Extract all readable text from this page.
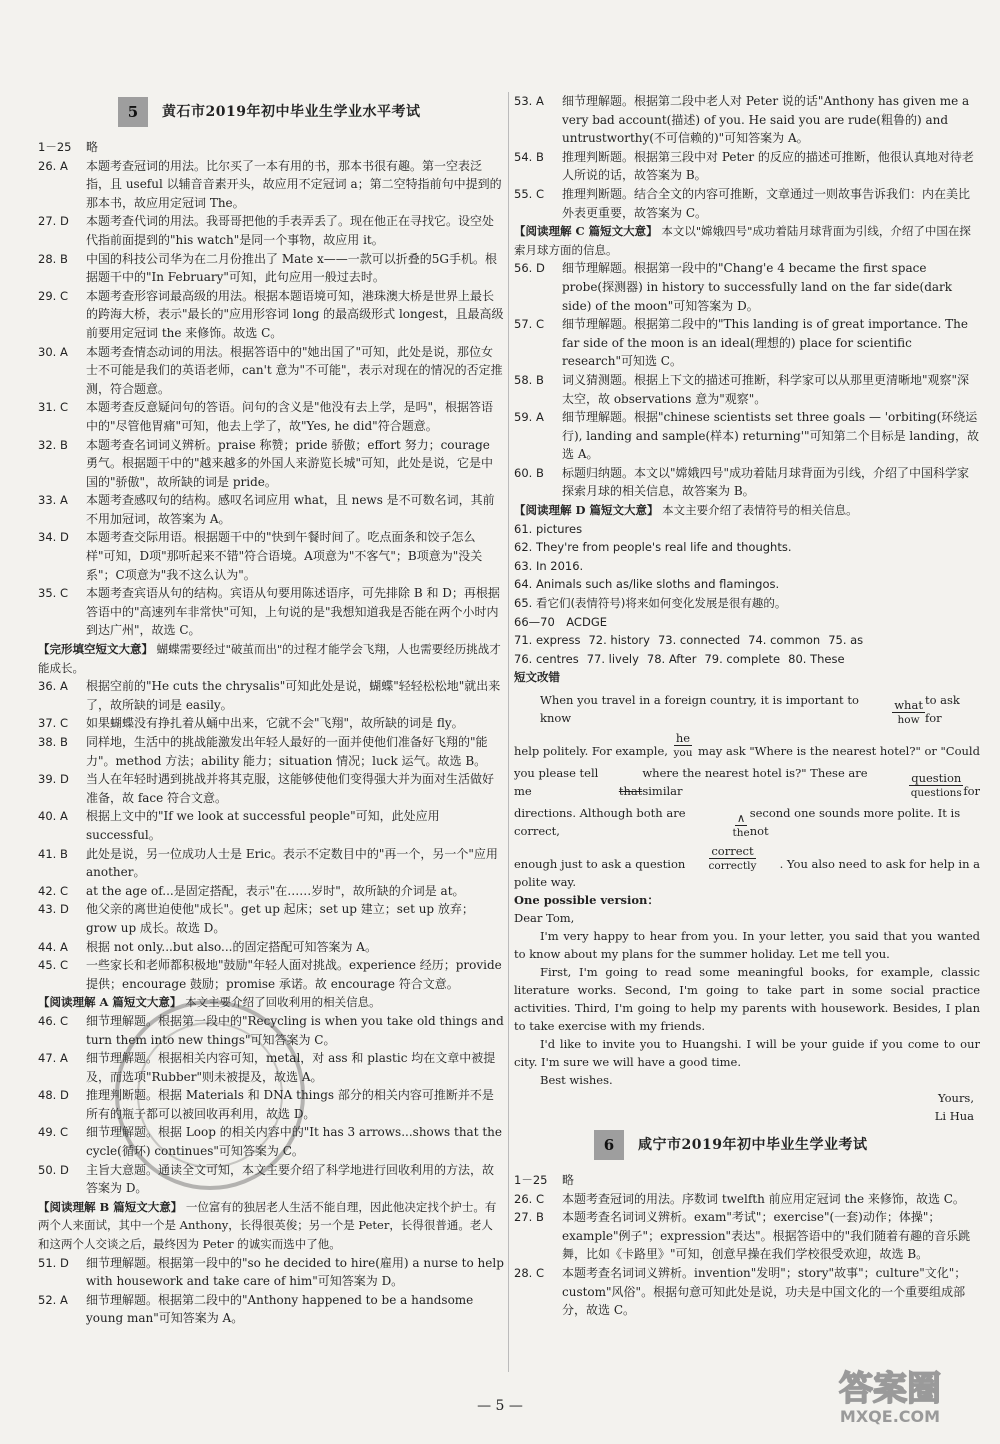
5	黄石市2019年初中毕业生学业水平考试
1－25	略
26. A	本题考查冠词的用法。比尔买了一本有用的书，那本书很有趣。第一空表泛指，且 useful 以辅音音素开头，故应用不定冠词 a；第二空特指前句中提到的那本书，故应用定冠词 The。
27. D	本题考查代词的用法。我哥哥把他的手表弄丢了。现在他正在寻找它。设空处代指前面提到的"his watch"是同一个事物，故应用 it。
28. B	中国的科技公司华为在二月份推出了 Mate x——一款可以折叠的5G手机。根据题干中的"In February"可知，此句应用一般过去时。
29. C	本题考查形容词最高级的用法。根据本题语境可知，港珠澳大桥是世界上最长的跨海大桥，表示"最长的"应用形容词 long 的最高级形式 longest，且最高级前要用定冠词 the 来修饰。故选 C。
30. A	本题考查情态动词的用法。根据答语中的"她出国了"可知，此处是说，那位女士不可能是我们的英语老师，can't 意为"不可能"，表示对现在的情况的否定推测，符合题意。
31. C	本题考查反意疑问句的答语。问句的含义是"他没有去上学，是吗"，根据答语中的"尽管他胃痛"可知，他去上学了，故"Yes, he did"符合题意。
32. B	本题考查名词词义辨析。praise 称赞；pride 骄傲；effort 努力；courage 勇气。根据题干中的"越来越多的外国人来游览长城"可知，此处是说，它是中国的"骄傲"，故所缺的词是 pride。
33. A	本题考查感叹句的结构。感叹名词应用 what，且 news 是不可数名词，其前不用加冠词，故答案为 A。
34. D	本题考查交际用语。根据题干中的"快到午餐时间了。吃点面条和饺子怎么样"可知，D项"那听起来不错"符合语境。A项意为"不客气"；B项意为"没关系"；C项意为"我不这么认为"。
35. C	本题考查宾语从句的结构。宾语从句要用陈述语序，可先排除 B 和 D；再根据答语中的"高速列车非常快"可知，上句说的是"我想知道我是否能在两个小时内到达广州"，故选 C。
【完形填空短文大意】 蝴蝶需要经过"破茧而出"的过程才能学会飞翔，人也需要经历挑战才能成长。
36. A	根据空前的"He cuts the chrysalis"可知此处是说，蝴蝶"轻轻松松地"就出来了，故所缺的词是 easily。
37. C	如果蝴蝶没有挣扎着从蛹中出来，它就不会"飞翔"，故所缺的词是 fly。
38. B	同样地，生活中的挑战能激发出年轻人最好的一面并使他们准备好飞翔的"能力"。method 方法；ability 能力；situation 情况；luck 运气。故选 B。
39. D	当人在年轻时遇到挑战并将其克服，这能够使他们变得强大并为面对生活做好准备，故 face 符合文意。
40. A	根据上文中的"If we look at successful people"可知，此处应用 successful。
41. B	此处是说，另一位成功人士是 Eric。表示不定数目中的"再一个，另一个"应用 another。
42. C	at the age of...是固定搭配，表示"在……岁时"，故所缺的介词是 at。
43. D	他父亲的离世迫使他"成长"。get up 起床；set up 建立；set up 放弃；grow up 成长。故选 D。
44. A	根据 not only...but also...的固定搭配可知答案为 A。
45. C	一些家长和老师都积极地"鼓励"年轻人面对挑战。experience 经历；provide 提供；encourage 鼓励；promise 承诺。故 encourage 符合文意。
【阅读理解 A 篇短文大意】 本文主要介绍了回收利用的相关信息。
46. C	细节理解题。根据第一段中的"Recycling is when you take old things and turn them into new things"可知答案为 C。
47. A	细节理解题。根据相关内容可知，metal，对 ass 和 plastic 均在文章中被提及，而选项"Rubber"则未被提及，故选 A。
48. D	推理判断题。根据 Materials 和 DNA things 部分的相关内容可推断并不是所有的瓶子都可以被回收再利用，故选 D。
49. C	细节理解题。根据 Loop 的相关内容中的"It has 3 arrows...shows that the cycle(循环) continues"可知答案为 C。
50. D	主旨大意题。通读全文可知，本文主要介绍了科学地进行回收利用的方法，故答案为 D。
【阅读理解 B 篇短文大意】 一位富有的独居老人生活不能自理，因此他决定找个护士。有两个人来面试，其中一个是 Anthony，长得很英俊；另一个是 Peter，长得很普通。老人和这两个人交谈之后，最终因为 Peter 的诚实而选中了他。
51. D	细节理解题。根据第一段中的"so he decided to hire(雇用) a nurse to help with housework and take care of him"可知答案为 D。
52. A	细节理解题。根据第二段中的"Anthony happened to be a handsome young man"可知答案为 A。
53. A	细节理解题。根据第二段中老人对 Peter 说的话"Anthony has given me a very bad account(描述) of you. He said you are rude(粗鲁的) and untrustworthy(不可信赖的)"可知答案为 A。
54. B	推理判断题。根据第三段中对 Peter 的反应的描述可推断，他很认真地对待老人所说的话，故答案为 B。
55. C	推理判断题。结合全文的内容可推断，文章通过一则故事告诉我们：内在美比外表更重要，故答案为 C。
【阅读理解 C 篇短文大意】 本文以"嫦娥四号"成功着陆月球背面为引线，介绍了中国在探索月球方面的信息。
56. D	细节理解题。根据第一段中的"Chang'e 4 became the first space probe(探测器) in history to successfully land on the far side(dark side) of the moon"可知答案为 D。
57. C	细节理解题。根据第二段中的"This landing is of great importance. The far side of the moon is an ideal(理想的) place for scientific research"可知选 C。
58. B	词义猜测题。根据上下文的描述可推断，科学家可以从那里更清晰地"观察"深太空，故 observations 意为"观察"。
59. A	细节理解题。根据"chinese scientists set three goals — 'orbiting(环绕运行), landing and sample(样本) returning'"可知第二个目标是 landing，故选 A。
60. B	标题归纳题。本文以"嫦娥四号"成功着陆月球背面为引线，介绍了中国科学家探索月球的相关信息，故答案为 B。
【阅读理解 D 篇短文大意】 本文主要介绍了表情符号的相关信息。
61. pictures
62. They're from people's real life and thoughts.
63. In 2016.
64. Animals such as/like sloths and flamingos.
65. 看它们(表情符号)将来如何变化发展是很有趣的。
66—70　ACDGE
71. express 72. history 73. connected 74. common 75. as
76. centres 77. lively 78. After 79. complete 80. These
短文改错
When you travel in a foreign country, it is important to know
what
how
to ask for
help politely. For example,
he
you may ask "Where is the nearest hotel?" or "Could
you please tell me	that
where the nearest hotel is?" These are similar
question
questions for
directions. Although both are correct,
∧
the
second one sounds more polite. It is not
enough just to ask a question
correct
correctly . You also need to ask for help in a
polite way.
One possible version：
Dear Tom,

I'm very happy to hear from you. In your letter, you said that you wanted to know about my plans for the summer holiday. Let me tell you.

First, I'm going to read some meaningful books, for example, classic literature works. Second, I'm going to take part in some social practice activities. Third, I'm going to help my parents with housework. Besides, I plan to take exercise with my friends.

I'd like to invite you to Huangshi. I will be your guide if you come to our city. I'm sure we will have a good time.

Best wishes.

Yours,
Li Hua
6	咸宁市2019年初中毕业生学业考试
1－25	略
26. C	本题考查冠词的用法。序数词 twelfth 前应用定冠词 the 来修饰，故选 C。
27. B	本题考查名词词义辨析。exam"考试"；exercise"(一套)动作；体操"；example"例子"；expression"表达"。根据答语中的"我们随着有趣的音乐跳舞，比如《卡路里》"可知，创意早操在我们学校很受欢迎，故选 B。
28. C	本题考查名词词义辨析。invention"发明"；story"故事"；culture"文化"；custom"风俗"。根据句意可知此处是说，功夫是中国文化的一个重要组成部分，故选 C。
— 5 —	答案圈
MXQE.COM
